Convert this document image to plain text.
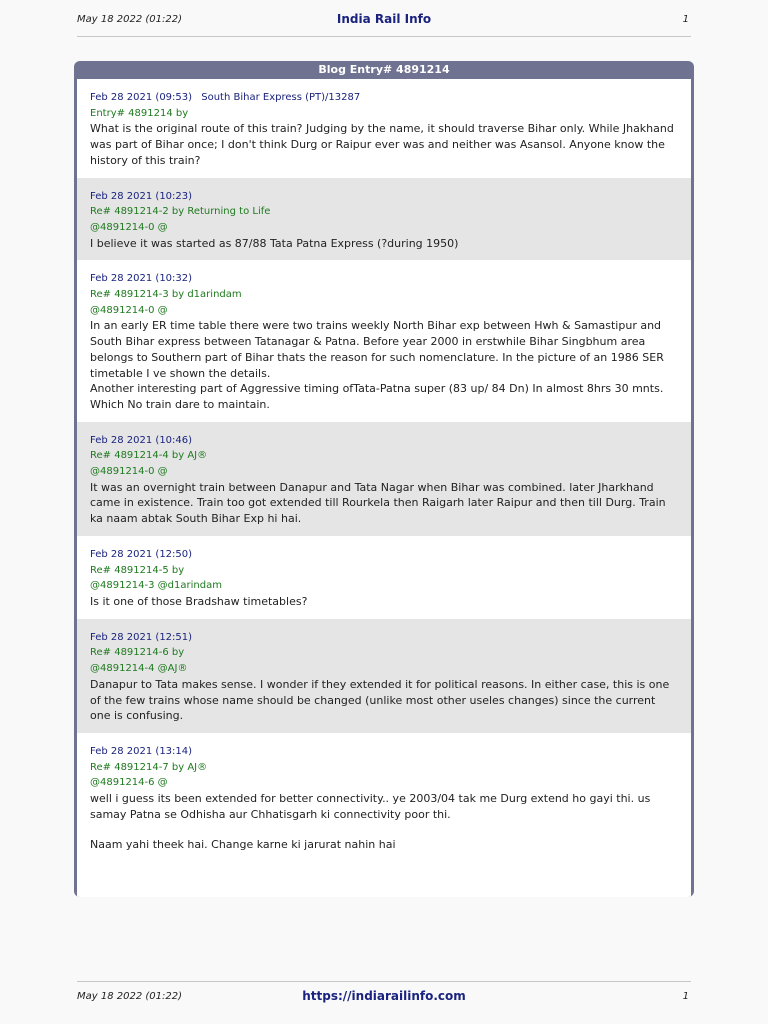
May 18 2022 (01:22)	India Rail Info	1
Blog Entry# 4891214
Feb 28 2021 (09:53) South Bihar Express (PT)/13287
Entry# 4891214 by

What is the original route of this train? Judging by the name, it should traverse Bihar only. While Jhakhand was part of Bihar once; I don't think Durg or Raipur ever was and neither was Asansol. Anyone know the history of this train?

Feb 28 2021 (10:23)
Re# 4891214-2 by Returning to Life
@4891214-0 @

I believe it was started as 87/88 Tata Patna Express (?during 1950)

Feb 28 2021 (10:32)
Re# 4891214-3 by d1arindam
@4891214-0 @

In an early ER time table there were two trains weekly North Bihar exp between Hwh & Samastipur and South Bihar express between Tatanagar & Patna. Before year 2000 in erstwhile Bihar Singbhum area belongs to Southern part of Bihar thats the reason for such nomenclature. In the picture of an 1986 SER timetable I ve shown the details.

Another interesting part of Aggressive timing ofTata-Patna super (83 up/ 84 Dn) In almost 8hrs 30 mnts. Which No train dare to maintain.

Feb 28 2021 (10:46)
Re# 4891214-4 by AJ®
@4891214-0 @

It was an overnight train between Danapur and Tata Nagar when Bihar was combined. later Jharkhand came in existence. Train too got extended till Rourkela then Raigarh later Raipur and then till Durg. Train ka naam abtak South Bihar Exp hi hai.

Feb 28 2021 (12:50)
Re# 4891214-5 by
@4891214-3 @d1arindam

Is it one of those Bradshaw timetables?

Feb 28 2021 (12:51)
Re# 4891214-6 by
@4891214-4 @AJ®

Danapur to Tata makes sense. I wonder if they extended it for political reasons. In either case, this is one of the few trains whose name should be changed (unlike most other useles changes) since the current one is confusing.

Feb 28 2021 (13:14)
Re# 4891214-7 by AJ®
@4891214-6 @

well i guess its been extended for better connectivity.. ye 2003/04 tak me Durg extend ho gayi thi. us samay Patna se Odhisha aur Chhatisgarh ki connectivity poor thi.

Naam yahi theek hai. Change karne ki jarurat nahin hai

May 18 2022 (01:22)	https://indiarailinfo.com	1
